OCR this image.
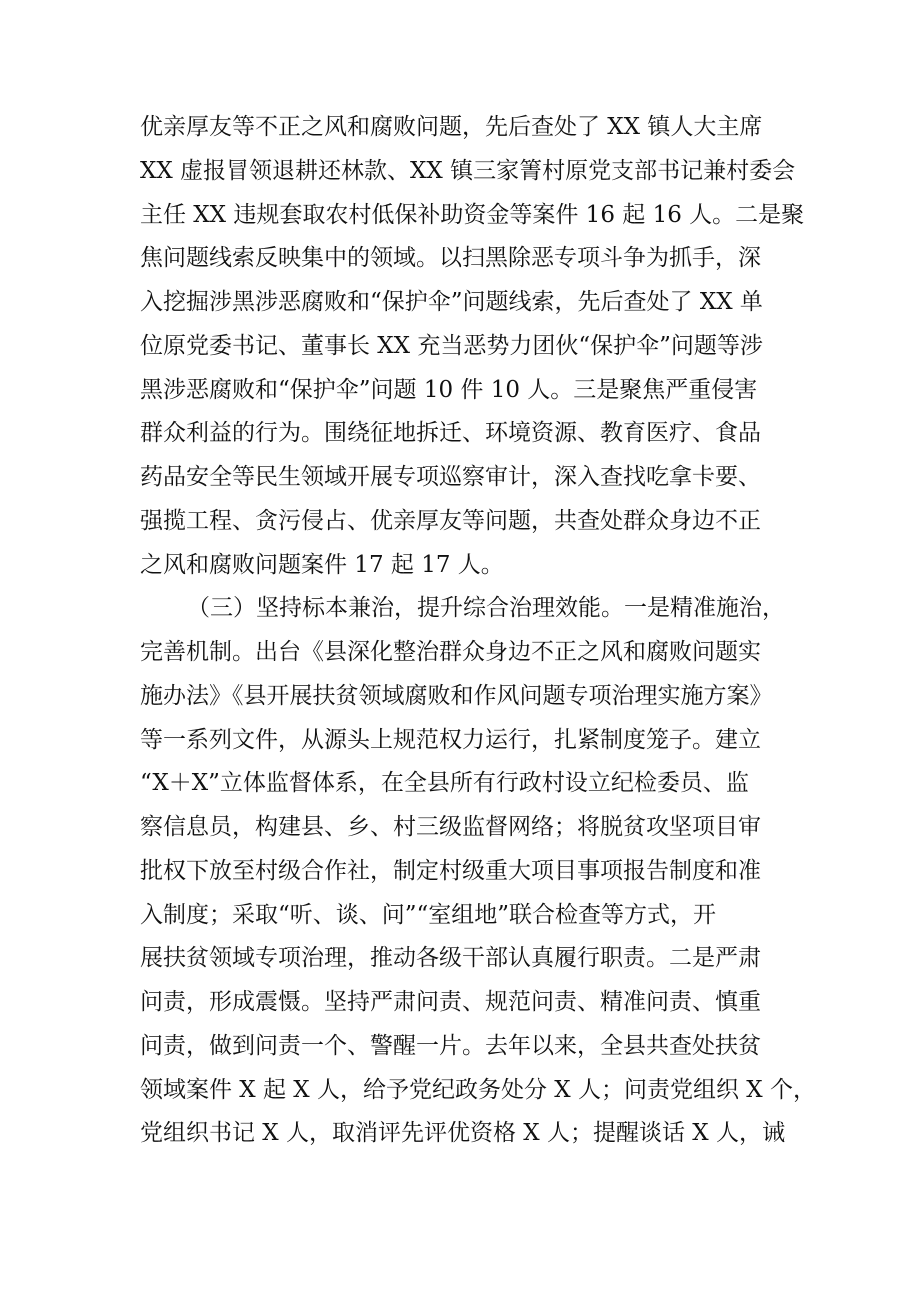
优亲厚友等不正之风和腐败问题，先后查处了 XX 镇人大主席
XX 虚报冒领退耕还林款、XX 镇三家箐村原党支部书记兼村委会
主任 XX 违规套取农村低保补助资金等案件 16 起 16 人。二是聚
焦问题线索反映集中的领域。以扫黑除恶专项斗争为抓手，深
入挖掘涉黑涉恶腐败和“保护伞”问题线索，先后查处了 XX 单
位原党委书记、董事长 XX 充当恶势力团伙“保护伞”问题等涉
黑涉恶腐败和“保护伞”问题 10 件 10 人。三是聚焦严重侵害
群众利益的行为。围绕征地拆迁、环境资源、教育医疗、食品
药品安全等民生领域开展专项巡察审计，深入查找吃拿卡要、
强揽工程、贪污侵占、优亲厚友等问题，共查处群众身边不正
之风和腐败问题案件 17 起 17 人。
（三）坚持标本兼治，提升综合治理效能。一是精准施治，
完善机制。出台《县深化整治群众身边不正之风和腐败问题实
施办法》《县开展扶贫领域腐败和作风问题专项治理实施方案》
等一系列文件，从源头上规范权力运行，扎紧制度笼子。建立
“X＋X”立体监督体系，在全县所有行政村设立纪检委员、监
察信息员，构建县、乡、村三级监督网络；将脱贫攻坚项目审
批权下放至村级合作社，制定村级重大项目事项报告制度和准
入制度；采取“听、谈、问”“室组地”联合检查等方式，开
展扶贫领域专项治理，推动各级干部认真履行职责。二是严肃
问责，形成震慑。坚持严肃问责、规范问责、精准问责、慎重
问责，做到问责一个、警醒一片。去年以来，全县共查处扶贫
领域案件 X 起 X 人，给予党纪政务处分 X 人；问责党组织 X 个，
党组织书记 X 人，取消评先评优资格 X 人；提醒谈话 X 人，诫
